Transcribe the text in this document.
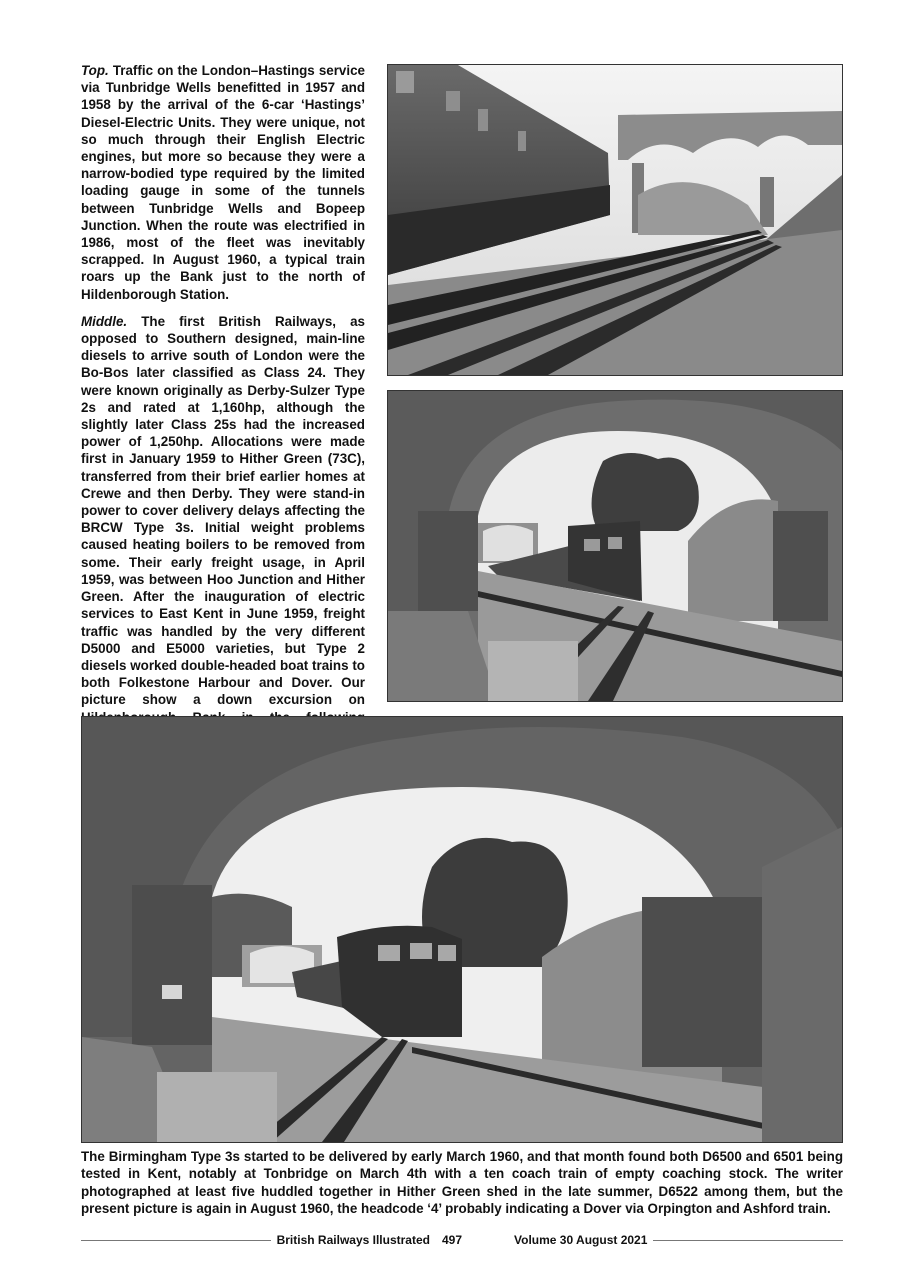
Top. Traffic on the London–Hastings service via Tunbridge Wells benefitted in 1957 and 1958 by the arrival of the 6-car ‘Hastings’ Diesel-Electric Units. They were unique, not so much through their English Electric engines, but more so because they were a narrow-bodied type required by the limited loading gauge in some of the tunnels between Tunbridge Wells and Bopeep Junction. When the route was electrified in 1986, most of the fleet was inevitably scrapped. In August 1960, a typical train roars up the Bank just to the north of Hildenborough Station.

Middle. The first British Railways, as opposed to Southern designed, main-line diesels to arrive south of London were the Bo-Bos later classified as Class 24. They were known originally as Derby-Sulzer Type 2s and rated at 1,160hp, although the slightly later Class 25s had the increased power of 1,250hp. Allocations were made first in January 1959 to Hither Green (73C), transferred from their brief earlier homes at Crewe and then Derby. They were stand-in power to cover delivery delays affecting the BRCW Type 3s. Initial weight problems caused heating boilers to be removed from some. Their early freight usage, in April 1959, was between Hoo Junction and Hither Green. After the inauguration of electric services to East Kent in June 1959, freight traffic was handled by the very different D5000 and E5000 varieties, but Type 2 diesels worked double-headed boat trains to both Folkestone Harbour and Dover. Our picture show a down excursion on

The Birmingham Type 3s started to be delivered by early March 1960, and that month found both D6500 and 6501 being tested in Kent, notably at Tonbridge on March 4th with a ten coach train of empty coaching stock. The writer photographed at least five huddled together in Hither Green shed in the late summer, D6522 among them, but the present picture is again in August 1960, the headcode ‘4’ probably indicating a Dover via Orpington and Ashford train.
British Railways Illustrated	497	Volume 30 August 2021
